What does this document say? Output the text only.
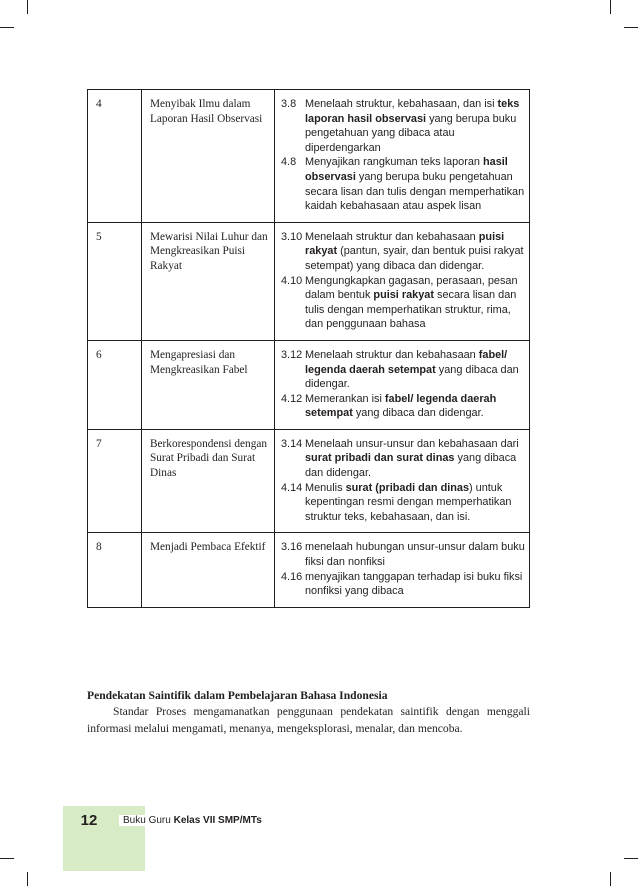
4	Menyibak Ilmu dalam Laporan Hasil Observasi	3.8 Menelaah struktur, kebahasaan, dan isi teks laporan hasil observasi yang berupa buku pengetahuan yang dibaca atau diperdengarkan
4.8 Menyajikan rangkuman teks laporan hasil observasi yang berupa buku pengetahuan secara lisan dan tulis dengan memperhatikan kaidah kebahasaan atau aspek lisan

5	Mewarisi Nilai Luhur dan Mengkreasikan Puisi Rakyat	3.10 Menelaah struktur dan kebahasaan puisi rakyat (pantun, syair, dan bentuk puisi rakyat setempat) yang dibaca dan didengar.
4.10 Mengungkapkan gagasan, perasaan, pesan dalam bentuk puisi rakyat secara lisan dan tulis dengan memperhatikan struktur, rima, dan penggunaan bahasa

6	Mengapresiasi dan Mengkreasikan Fabel	3.12 Menelaah struktur dan kebahasaan fabel/ legenda daerah setempat yang dibaca dan didengar.
4.12 Memerankan isi fabel/ legenda daerah setempat yang dibaca dan didengar.

7	Berkorespondensi dengan Surat Pribadi dan Surat Dinas	3.14 Menelaah unsur-unsur dan kebahasaan dari surat pribadi dan surat dinas yang dibaca dan didengar.
4.14 Menulis surat (pribadi dan dinas) untuk kepentingan resmi dengan memperhatikan struktur teks, kebahasaan, dan isi.

8	Menjadi Pembaca Efektif	3.16 menelaah hubungan unsur-unsur dalam buku fiksi dan nonfiksi
4.16 menyajikan tanggapan terhadap isi buku fiksi nonfiksi yang dibaca

Pendekatan Saintifik dalam Pembelajaran Bahasa Indonesia

Standar Proses mengamanatkan penggunaan pendekatan saintifik dengan menggali informasi melalui mengamati, menanya, mengeksplorasi, menalar, dan mencoba.

12	Buku Guru Kelas VII SMP/MTs
